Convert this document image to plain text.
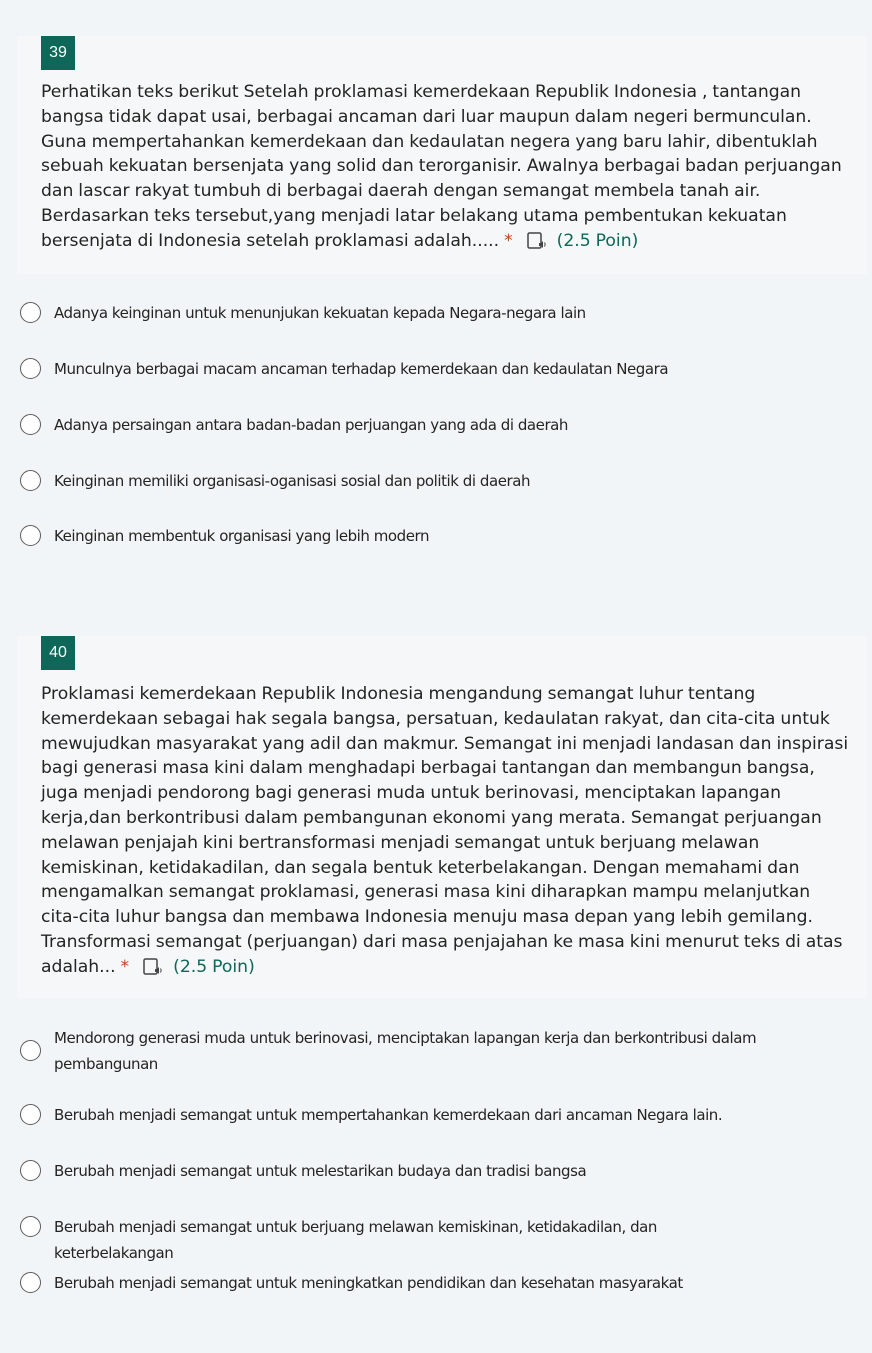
39

Perhatikan teks berikut Setelah proklamasi kemerdekaan Republik Indonesia , tantangan bangsa tidak dapat usai, berbagai ancaman dari luar maupun dalam negeri bermunculan. Guna mempertahankan kemerdekaan dan kedaulatan negera yang baru lahir, dibentuklah sebuah kekuatan bersenjata yang solid dan terorganisir. Awalnya berbagai badan perjuangan dan lascar rakyat tumbuh di berbagai daerah dengan semangat membela tanah air. Berdasarkan teks tersebut,yang menjadi latar belakang utama pembentukan kekuatan bersenjata di Indonesia setelah proklamasi adalah..... *	(2.5 Poin)

Adanya keinginan untuk menunjukan kekuatan kepada Negara-negara lain
Munculnya berbagai macam ancaman terhadap kemerdekaan dan kedaulatan Negara
Adanya persaingan antara badan-badan perjuangan yang ada di daerah
Keinginan memiliki organisasi-oganisasi sosial dan politik di daerah
Keinginan membentuk organisasi yang lebih modern
40

Proklamasi kemerdekaan Republik Indonesia mengandung semangat luhur tentang kemerdekaan sebagai hak segala bangsa, persatuan, kedaulatan rakyat, dan cita-cita untuk mewujudkan masyarakat yang adil dan makmur. Semangat ini menjadi landasan dan inspirasi bagi generasi masa kini dalam menghadapi berbagai tantangan dan membangun bangsa, juga menjadi pendorong bagi generasi muda untuk berinovasi, menciptakan lapangan kerja,dan berkontribusi dalam pembangunan ekonomi yang merata. Semangat perjuangan melawan penjajah kini bertransformasi menjadi semangat untuk berjuang melawan kemiskinan, ketidakadilan, dan segala bentuk keterbelakangan. Dengan memahami dan mengamalkan semangat proklamasi, generasi masa kini diharapkan mampu melanjutkan cita-cita luhur bangsa dan membawa Indonesia menuju masa depan yang lebih gemilang. Transformasi semangat (perjuangan) dari masa penjajahan ke masa kini menurut teks di atas adalah... *	(2.5 Poin)

Mendorong generasi muda untuk berinovasi, menciptakan lapangan kerja dan berkontribusi dalam pembangunan
Berubah menjadi semangat untuk mempertahankan kemerdekaan dari ancaman Negara lain.
Berubah menjadi semangat untuk melestarikan budaya dan tradisi bangsa
Berubah menjadi semangat untuk berjuang melawan kemiskinan, ketidakadilan, dan keterbelakangan
Berubah menjadi semangat untuk meningkatkan pendidikan dan kesehatan masyarakat
